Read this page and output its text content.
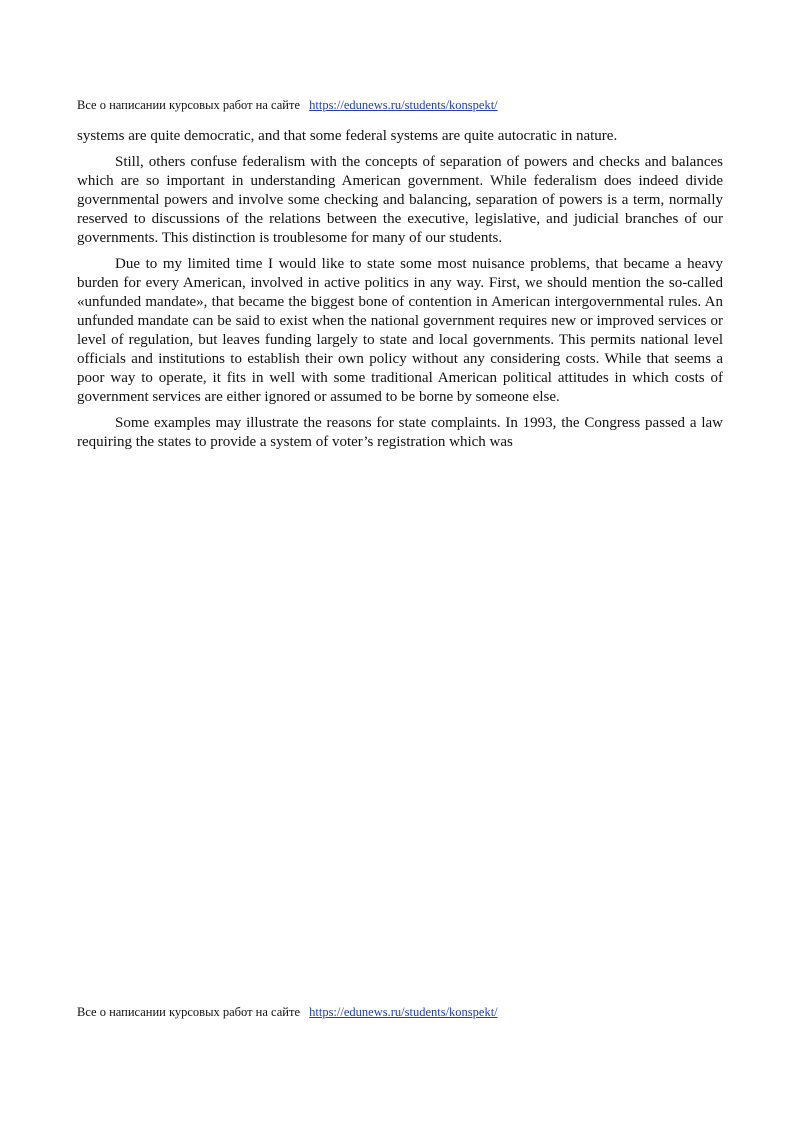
Все о написании курсовых работ на сайте https://edunews.ru/students/konspekt/

systems are quite democratic, and that some federal systems are quite autocratic in nature.

Still, others confuse federalism with the concepts of separation of powers and checks and balances which are so important in understanding American government. While federalism does indeed divide governmental powers and involve some checking and balancing, separation of powers is a term, normally reserved to discussions of the relations between the executive, legislative, and judicial branches of our governments. This distinction is troublesome for many of our students.

Due to my limited time I would like to state some most nuisance problems, that became a heavy burden for every American, involved in active politics in any way. First, we should mention the so-called «unfunded mandate», that became the biggest bone of contention in American intergovernmental rules. An unfunded mandate can be said to exist when the national government requires new or improved services or level of regulation, but leaves funding largely to state and local governments. This permits national level officials and institutions to establish their own policy without any considering costs. While that seems a poor way to operate, it fits in well with some traditional American political attitudes in which costs of government services are either ignored or assumed to be borne by someone else.

Some examples may illustrate the reasons for state complaints. In 1993, the Congress passed a law requiring the states to provide a system of voter’s registration which was

Все о написании курсовых работ на сайте https://edunews.ru/students/konspekt/
